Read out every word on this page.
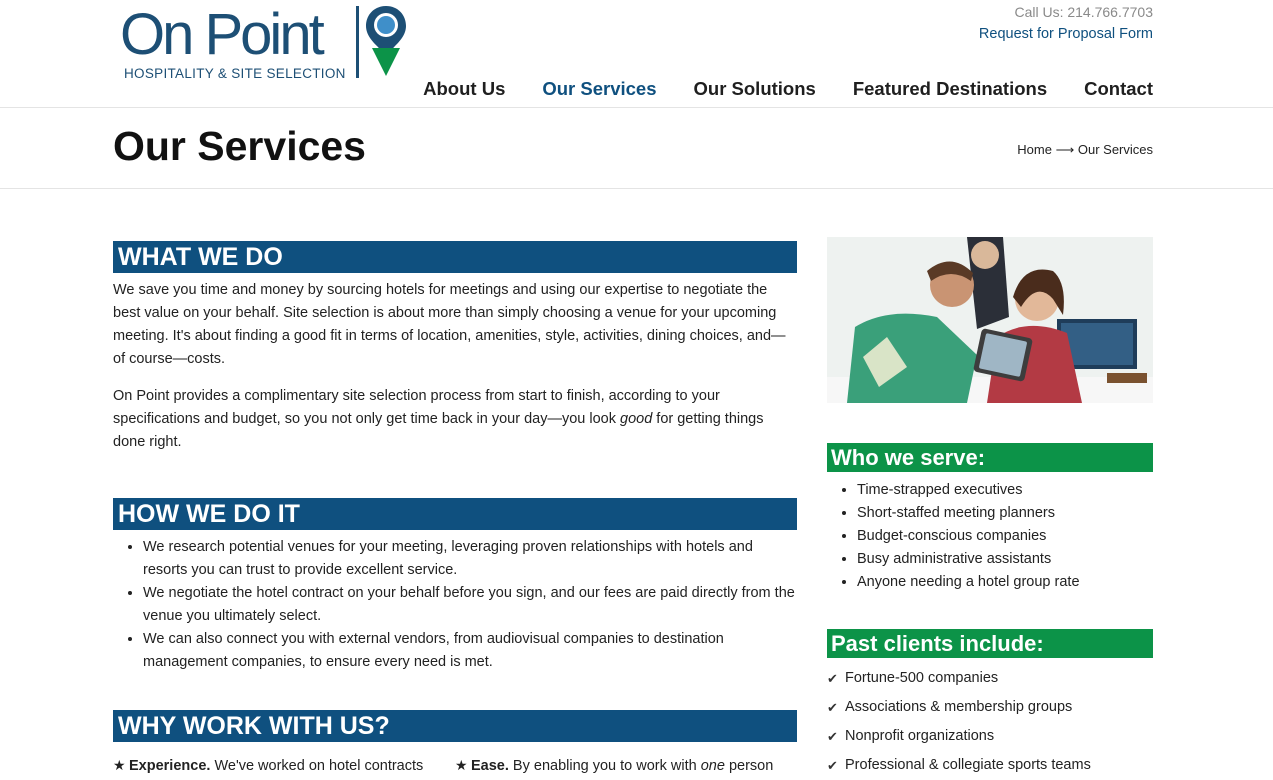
On Point
HOSPITALITY & SITE SELECTION
Call Us: 214.766.7703
Request for Proposal Form
About Us Our Services Our Solutions Featured Destinations Contact
Our Services	Home ⟶ Our Services
WHAT WE DO

We save you time and money by sourcing hotels for meetings and using our expertise to negotiate the best value on your behalf. Site selection is about more than simply choosing a venue for your upcoming meeting. It's about finding a good fit in terms of location, amenities, style, activities, dining choices, and—of course—costs.

On Point provides a complimentary site selection process from start to finish, according to your specifications and budget, so you not only get time back in your day—you look good for getting things done right.

HOW WE DO IT
• We research potential venues for your meeting, leveraging proven relationships with hotels and resorts you can trust to provide excellent service.
• We negotiate the hotel contract on your behalf before you sign, and our fees are paid directly from the venue you ultimately select.
• We can also connect you with external vendors, from audiovisual companies to destination management companies, to ensure every need is met.
WHY WORK WITH US?
★ Experience. We've worked on hotel contracts	★ Ease. By enabling you to work with one person
Who we serve:
• Time-strapped executives
• Short-staffed meeting planners
• Budget-conscious companies
• Busy administrative assistants
• Anyone needing a hotel group rate
Past clients include:
✔ Fortune-500 companies
✔ Associations & membership groups
✔ Nonprofit organizations
✔ Professional & collegiate sports teams
